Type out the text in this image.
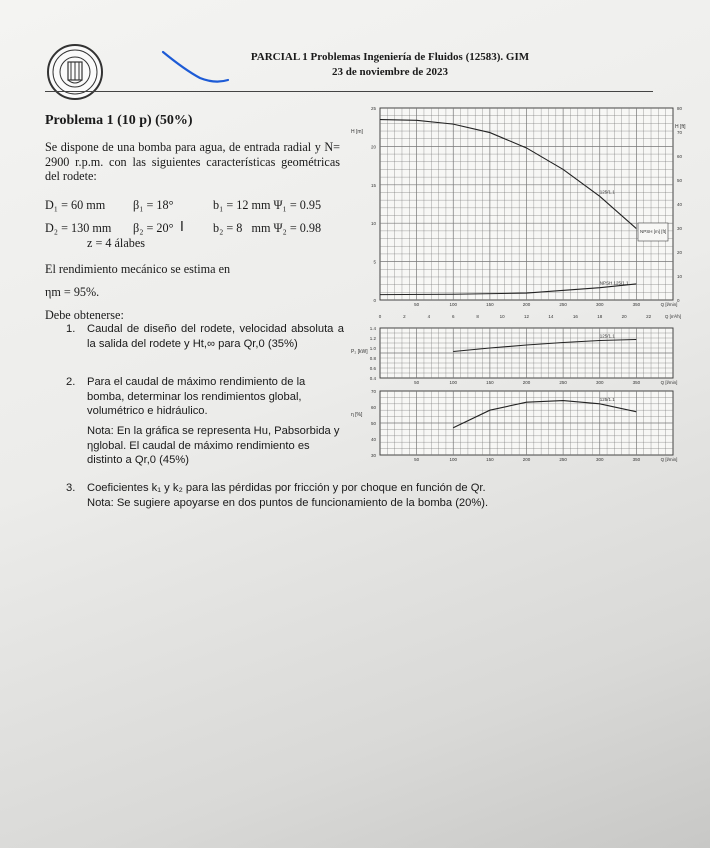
PARCIAL 1 Problemas Ingeniería de Fluidos (12583). GIM
23 de noviembre de 2023
Problema 1 (10 p) (50%)
Se dispone de una bomba para agua, de entrada radial y N= 2900 r.p.m. con las siguientes características geométricas del rodete:
D₁ = 60 mm β₁ = 18°	b₁ = 12 mm Ψ₁ = 0.95
D₂ = 130 mm β₂ = 20° I b₂ = 8   mm Ψ₂ = 0.98
z = 4 álabes
El rendimiento mecánico se estima en
ηm = 95%.
Debe obtenerse:
1.	Caudal de diseño del rodete, velocidad absoluta a la salida del rodete y Ht,∞ para Qr,0 (35%)
2.	Para el caudal de máximo rendimiento de la bomba, determinar los rendimientos global, volumétrico e hidráulico.
Nota: En la gráfica se representa Hu, Pabsorbida y ηglobal. El caudal de máximo rendimiento es distinto a Qr,0 (45%)
3.	Coeficientes k₁ y k₂ para las pérdidas por fricción y por choque en función de Qr.
Nota: Se sugiere apoyarse en dos puntos de funcionamiento de la bomba (20%).
25
20
15
10
5
0
H [m]
50	100	150	200	250	300	350	Q [l/min]
125/1.1
NPSH 125/1.1
1.4
1.2
1.0
0.8
0.6
0.4
P₂ [kW]
50	100	150	200	250	300	350	Q [l/min]
125/1.1
70
60
50
40
30
η [%]
50	100	150	200	250	300	350	Q [l/min]
125/1.1
80
70
60
50
40
30
20
10
0
H [ft]
NPSH [m] [ft]
0	2	4	6	8	10	12	14	16	18	20	22	Q [m³/h]
